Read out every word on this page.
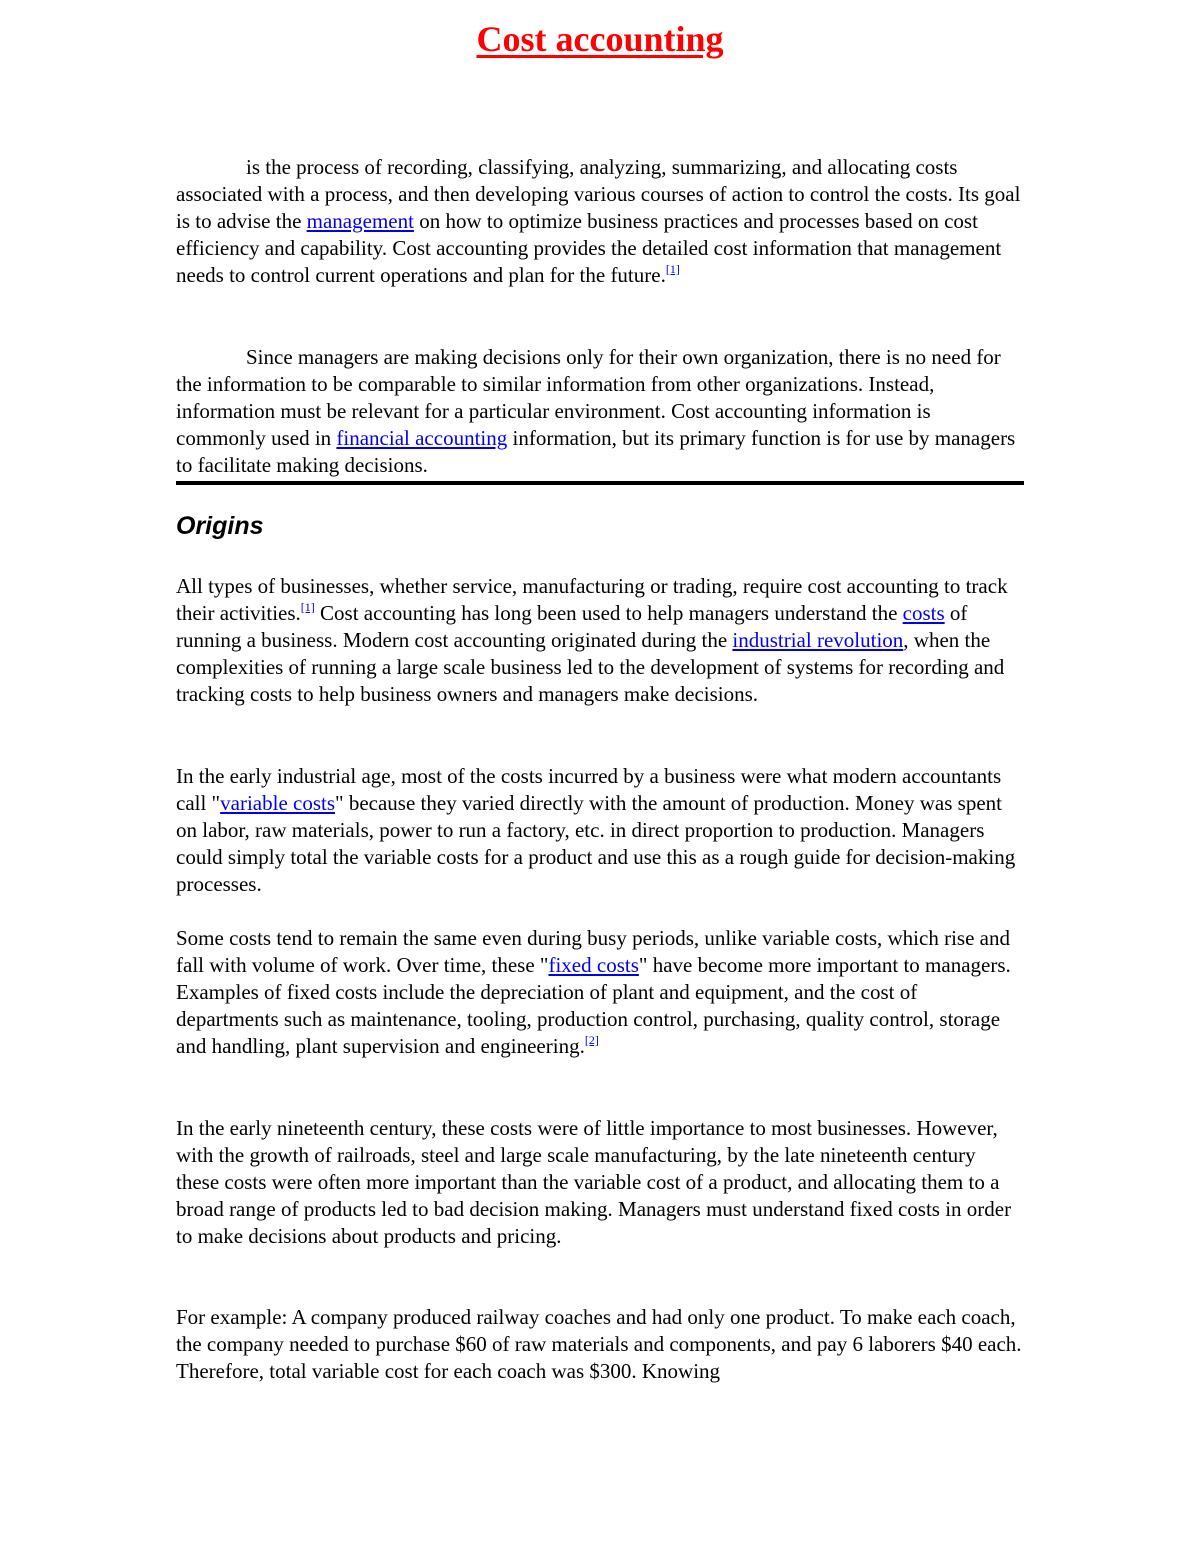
Cost accounting

is the process of recording, classifying, analyzing, summarizing, and allocating costs associated with a process, and then developing various courses of action to control the costs. Its goal is to advise the management on how to optimize business practices and processes based on cost efficiency and capability. Cost accounting provides the detailed cost information that management needs to control current operations and plan for the future.[1]

Since managers are making decisions only for their own organization, there is no need for the information to be comparable to similar information from other organizations. Instead, information must be relevant for a particular environment. Cost accounting information is commonly used in financial accounting information, but its primary function is for use by managers to facilitate making decisions.

Origins

All types of businesses, whether service, manufacturing or trading, require cost accounting to track their activities.[1] Cost accounting has long been used to help managers understand the costs of running a business. Modern cost accounting originated during the industrial revolution, when the complexities of running a large scale business led to the development of systems for recording and tracking costs to help business owners and managers make decisions.

In the early industrial age, most of the costs incurred by a business were what modern accountants call "variable costs" because they varied directly with the amount of production. Money was spent on labor, raw materials, power to run a factory, etc. in direct proportion to production. Managers could simply total the variable costs for a product and use this as a rough guide for decision-making processes.

Some costs tend to remain the same even during busy periods, unlike variable costs, which rise and fall with volume of work. Over time, these "fixed costs" have become more important to managers. Examples of fixed costs include the depreciation of plant and equipment, and the cost of departments such as maintenance, tooling, production control, purchasing, quality control, storage and handling, plant supervision and engineering.[2]

In the early nineteenth century, these costs were of little importance to most businesses. However, with the growth of railroads, steel and large scale manufacturing, by the late nineteenth century these costs were often more important than the variable cost of a product, and allocating them to a broad range of products led to bad decision making. Managers must understand fixed costs in order to make decisions about products and pricing.

For example: A company produced railway coaches and had only one product. To make each coach, the company needed to purchase $60 of raw materials and components, and pay 6 laborers $40 each. Therefore, total variable cost for each coach was $300. Knowing
